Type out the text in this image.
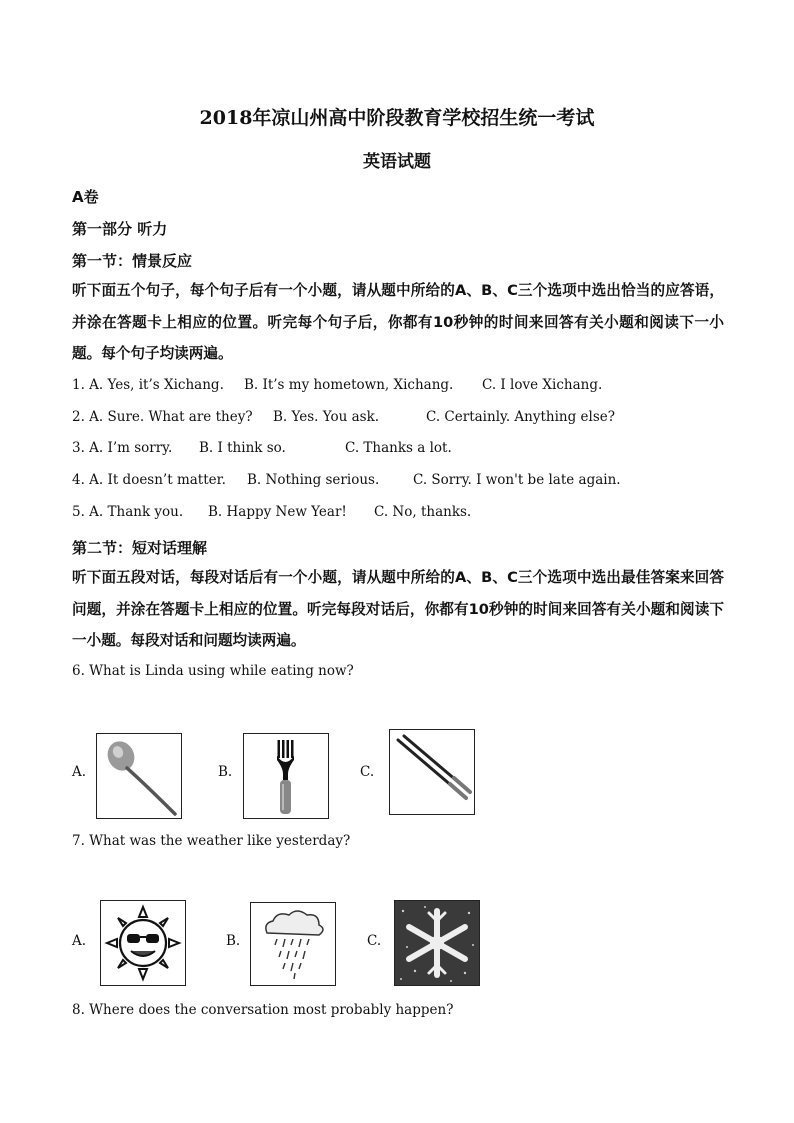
2018年凉山州高中阶段教育学校招生统一考试
英语试题
A卷
第一部分 听力
第一节：情景反应
听下面五个句子，每个句子后有一个小题，请从题中所给的A、B、C三个选项中选出恰当的应答语，并涂在答题卡上相应的位置。听完每个句子后，你都有10秒钟的时间来回答有关小题和阅读下一小题。每个句子均读两遍。
1. A. Yes, it’s Xichang. B. It’s my hometown, Xichang. C. I love Xichang.
2. A. Sure. What are they? B. Yes. You ask.	C. Certainly. Anything else?
3. A. I’m sorry. B. I think so.	C. Thanks a lot.
4. A. It doesn’t matter. B. Nothing serious.	C. Sorry. I won't be late again.
5. A. Thank you. B. Happy New Year! C. No, thanks.
第二节：短对话理解
听下面五段对话，每段对话后有一个小题，请从题中所给的A、B、C三个选项中选出最佳答案来回答问题，并涂在答题卡上相应的位置。听完每段对话后，你都有10秒钟的时间来回答有关小题和阅读下一小题。每段对话和问题均读两遍。
6. What is Linda using while eating now?
A.	B.	C.
7. What was the weather like yesterday?
A.	B.	C.
8. Where does the conversation most probably happen?
